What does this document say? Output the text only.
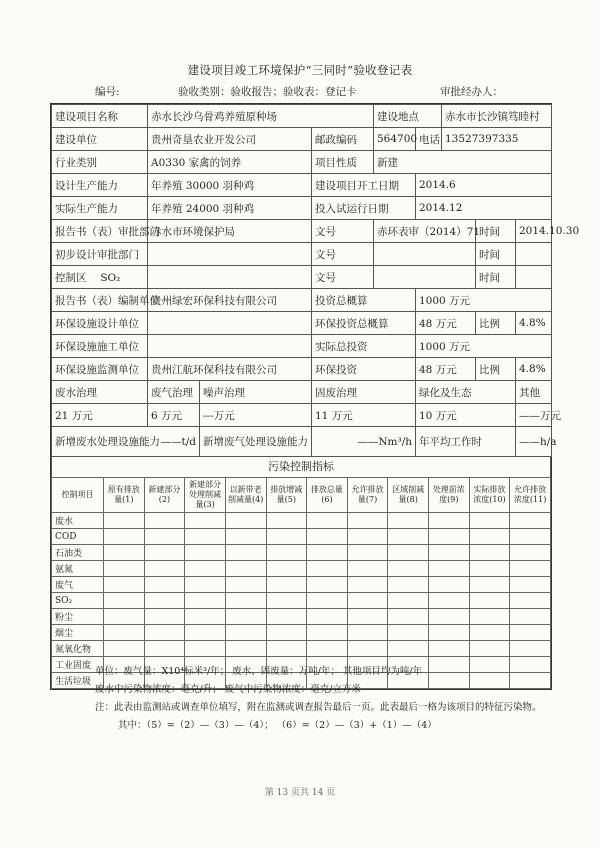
建设项目竣工环境保护“三同时”验收登记表
编号:	验收类别：验收报告；验收表：登记卡	审批经办人：
建设项目名称	赤水长沙乌骨鸡养殖原种场			建设地点		赤水市长沙镇笃睦村		
建设单位	贵州奇垦农业开发公司		邮政编码	564700	电话	13527397335		
行业类别	A0330 家禽的饲养		项目性质	新建				
设计生产能力	年养殖 30000 羽种鸡		建设项目开工日期		2014.6			
实际生产能力	年养殖 24000 羽种鸡		投入试运行日期		2014.12			
报告书（表）审批部门	赤水市环境保护局		文号	赤环表审（2014）71			时间	2014.10.30
初步设计审批部门			文号				时间	
控制区　 SO₂			文号				时间	
报告书（表）编制单位	贵州绿宏环保科技有限公司		投资总概算		1000 万元			
环保设施设计单位			环保投资总概算		48 万元		比例	4.8%
环保设施施工单位			实际总投资		1000 万元			
环保设施监测单位	贵州江航环保科技有限公司		环保投资		48 万元		比例	4.8%
废水治理	废气治理	噪声治理	固废治理		绿化及生态			其他
21 万元	6 万元	---万元	11 万元		10 万元			——万元
新增废水处理设施能力 ——t/d		新增废气处理设施能力	——Nm³/h		年平均工作时			——h/a
污染控制指标
控制项目	原有排放量(1)	新建部分(2)	新建部分处理削减量(3)	以新带老削减量(4)	排放增减量(5)	排放总量(6)	允许排放量(7)	区域削减量(8)	处理前浓度(9)	实际排放浓度(10)	允许排放浓度(11)
废水											
COD											
石油类											
氨氮											
废气											
SO₂											
粉尘											
烟尘											
氮氧化物											
工业固废											
生活垃圾											
单位：废气量：X10⁴标米³/年； 废水、固废量：万吨/年； 其他项目均为吨/年
废水中污染物浓度：毫克/升； 废气中污染物浓度：毫克/立方米
注：此表由监测站或调查单位填写，附在监测或调查报告最后一页。此表最后一格为该项目的特征污染物。
其中：（5）=（2）—（3）—（4）； （6）=（2）—（3）+（1）—（4）
第 13 页共 14 页
